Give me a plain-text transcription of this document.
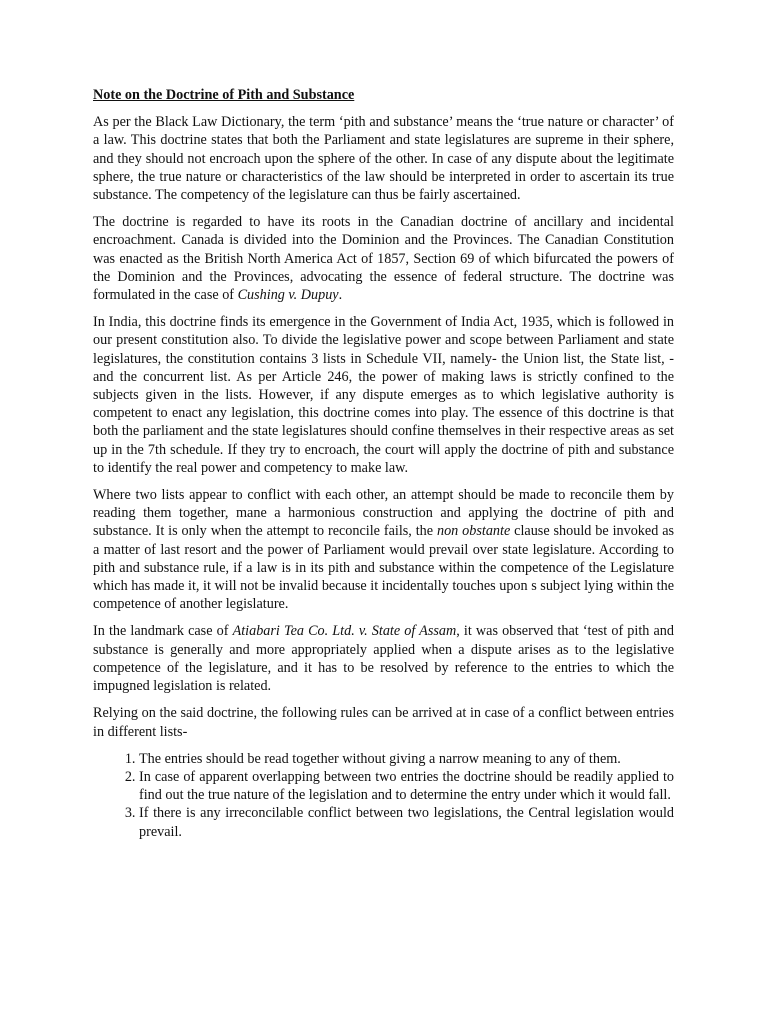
Note on the Doctrine of Pith and Substance

As per the Black Law Dictionary, the term ‘pith and substance’ means the ‘true nature or character’ of a law. This doctrine states that both the Parliament and state legislatures are supreme in their sphere, and they should not encroach upon the sphere of the other. In case of any dispute about the legitimate sphere, the true nature or characteristics of the law should be interpreted in order to ascertain its true substance. The competency of the legislature can thus be fairly ascertained.

The doctrine is regarded to have its roots in the Canadian doctrine of ancillary and incidental encroachment. Canada is divided into the Dominion and the Provinces. The Canadian Constitution was enacted as the British North America Act of 1857, Section 69 of which bifurcated the powers of the Dominion and the Provinces, advocating the essence of federal structure. The doctrine was formulated in the case of Cushing v. Dupuy.

In India, this doctrine finds its emergence in the Government of India Act, 1935, which is followed in our present constitution also. To divide the legislative power and scope between Parliament and state legislatures, the constitution contains 3 lists in Schedule VII, namely- the Union list, the State list, -and the concurrent list. As per Article 246, the power of making laws is strictly confined to the subjects given in the lists. However, if any dispute emerges as to which legislative authority is competent to enact any legislation, this doctrine comes into play. The essence of this doctrine is that both the parliament and the state legislatures should confine themselves in their respective areas as set up in the 7th schedule. If they try to encroach, the court will apply the doctrine of pith and substance to identify the real power and competency to make law.

Where two lists appear to conflict with each other, an attempt should be made to reconcile them by reading them together, mane a harmonious construction and applying the doctrine of pith and substance. It is only when the attempt to reconcile fails, the non obstante clause should be invoked as a matter of last resort and the power of Parliament would prevail over state legislature. According to pith and substance rule, if a law is in its pith and substance within the competence of the Legislature which has made it, it will not be invalid because it incidentally touches upon s subject lying within the competence of another legislature.

In the landmark case of Atiabari Tea Co. Ltd. v. State of Assam, it was observed that ‘test of pith and substance is generally and more appropriately applied when a dispute arises as to the legislative competence of the legislature, and it has to be resolved by reference to the entries to which the impugned legislation is related.

Relying on the said doctrine, the following rules can be arrived at in case of a conflict between entries in different lists-

1. The entries should be read together without giving a narrow meaning to any of them.
2. In case of apparent overlapping between two entries the doctrine should be readily applied to find out the true nature of the legislation and to determine the entry under which it would fall.
3. If there is any irreconcilable conflict between two legislations, the Central legislation would prevail.
